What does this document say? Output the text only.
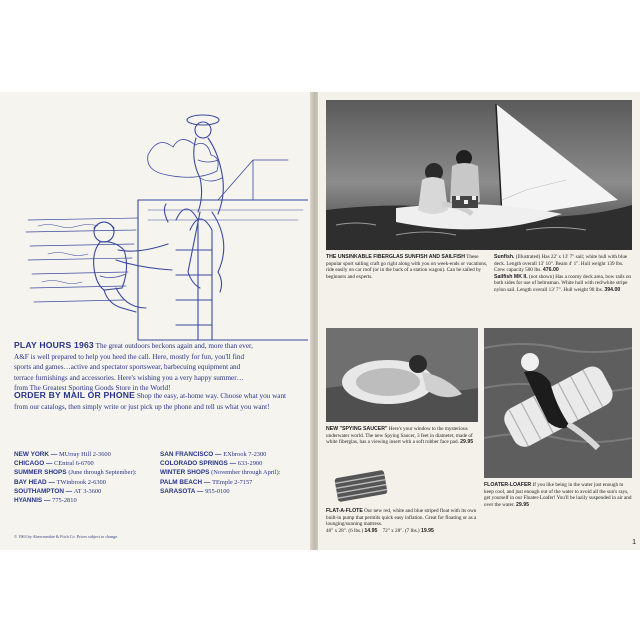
PLAY HOURS 1963 The great outdoors beckons again and, more than ever,
A&F is well prepared to help you heed the call. Here, mostly for fun, you'll find
sports and games…active and spectator sportswear, barbecuing equipment and
terrace furnishings and accessories. Here's wishing you a very happy summer…
from The Greatest Sporting Goods Store in the World!
ORDER BY MAIL OR PHONE Shop the easy, at-home way. Choose what you want
from our catalogs, then simply write or just pick up the phone and tell us what you want!
NEW YORK — MUrray Hill 2-3600
CHICAGO — CEntral 6-6700
SUMMER SHOPS (June through September):
BAY HEAD — TWinbrook 2-6300
SOUTHAMPTON — AT 3-3600
HYANNIS — 775-2810
SAN FRANCISCO — EXbrook 7-2300
COLORADO SPRINGS — 633-2900
WINTER SHOPS (November through April):
PALM BEACH — TEmple 2-7157
SARASOTA — 955-0100
© 1963 by Abercrombie & Fitch Co. Prices subject to change.
THE UNSINKABLE FIBERGLAS SUNFISH AND SAILFISH These popular sport sailing craft go right along with you on week-ends or vacations, ride easily on car roof (or in the back of a station wagon). Can be sailed by beginners and experts.
Sunfish. (Illustrated) Has 22' x 13' 7" sail; white hull with blue deck. Length overall 13' 10". Beam 4' 1". Hull weight 139 lbs. Crew capacity 500 lbs. 476.00
Sailfish MK II. (not shown) Has a roomy deck area, bow rails on both sides for use of helmsman. White hull with red/white stripe nylon sail. Length overall 13' 7". Hull weight 98 lbs. 394.00
NEW "SPYING SAUCER" Here's your window to the mysterious underwater world. The new Spying Saucer, 3 feet in diameter, made of white fiberglas, has a viewing insert with a soft rubber face pad. 29.95
FLAT-A-FLOTE Our new red, white and blue striped float with its own built-in pump that permits quick easy inflation. Great for floating or as a lounging/sunning mattress.
40" x 28". (6 lbs.) 14.95 72" x 28". (7 lbs.) 19.95
FLOATER-LOAFER If you like being in the water just enough to keep cool, and just enough out of the water to avoid all the sun's rays, get yourself in our Floater-Loafer! You'll be lazily suspended in air and over the water. 29.95
1
